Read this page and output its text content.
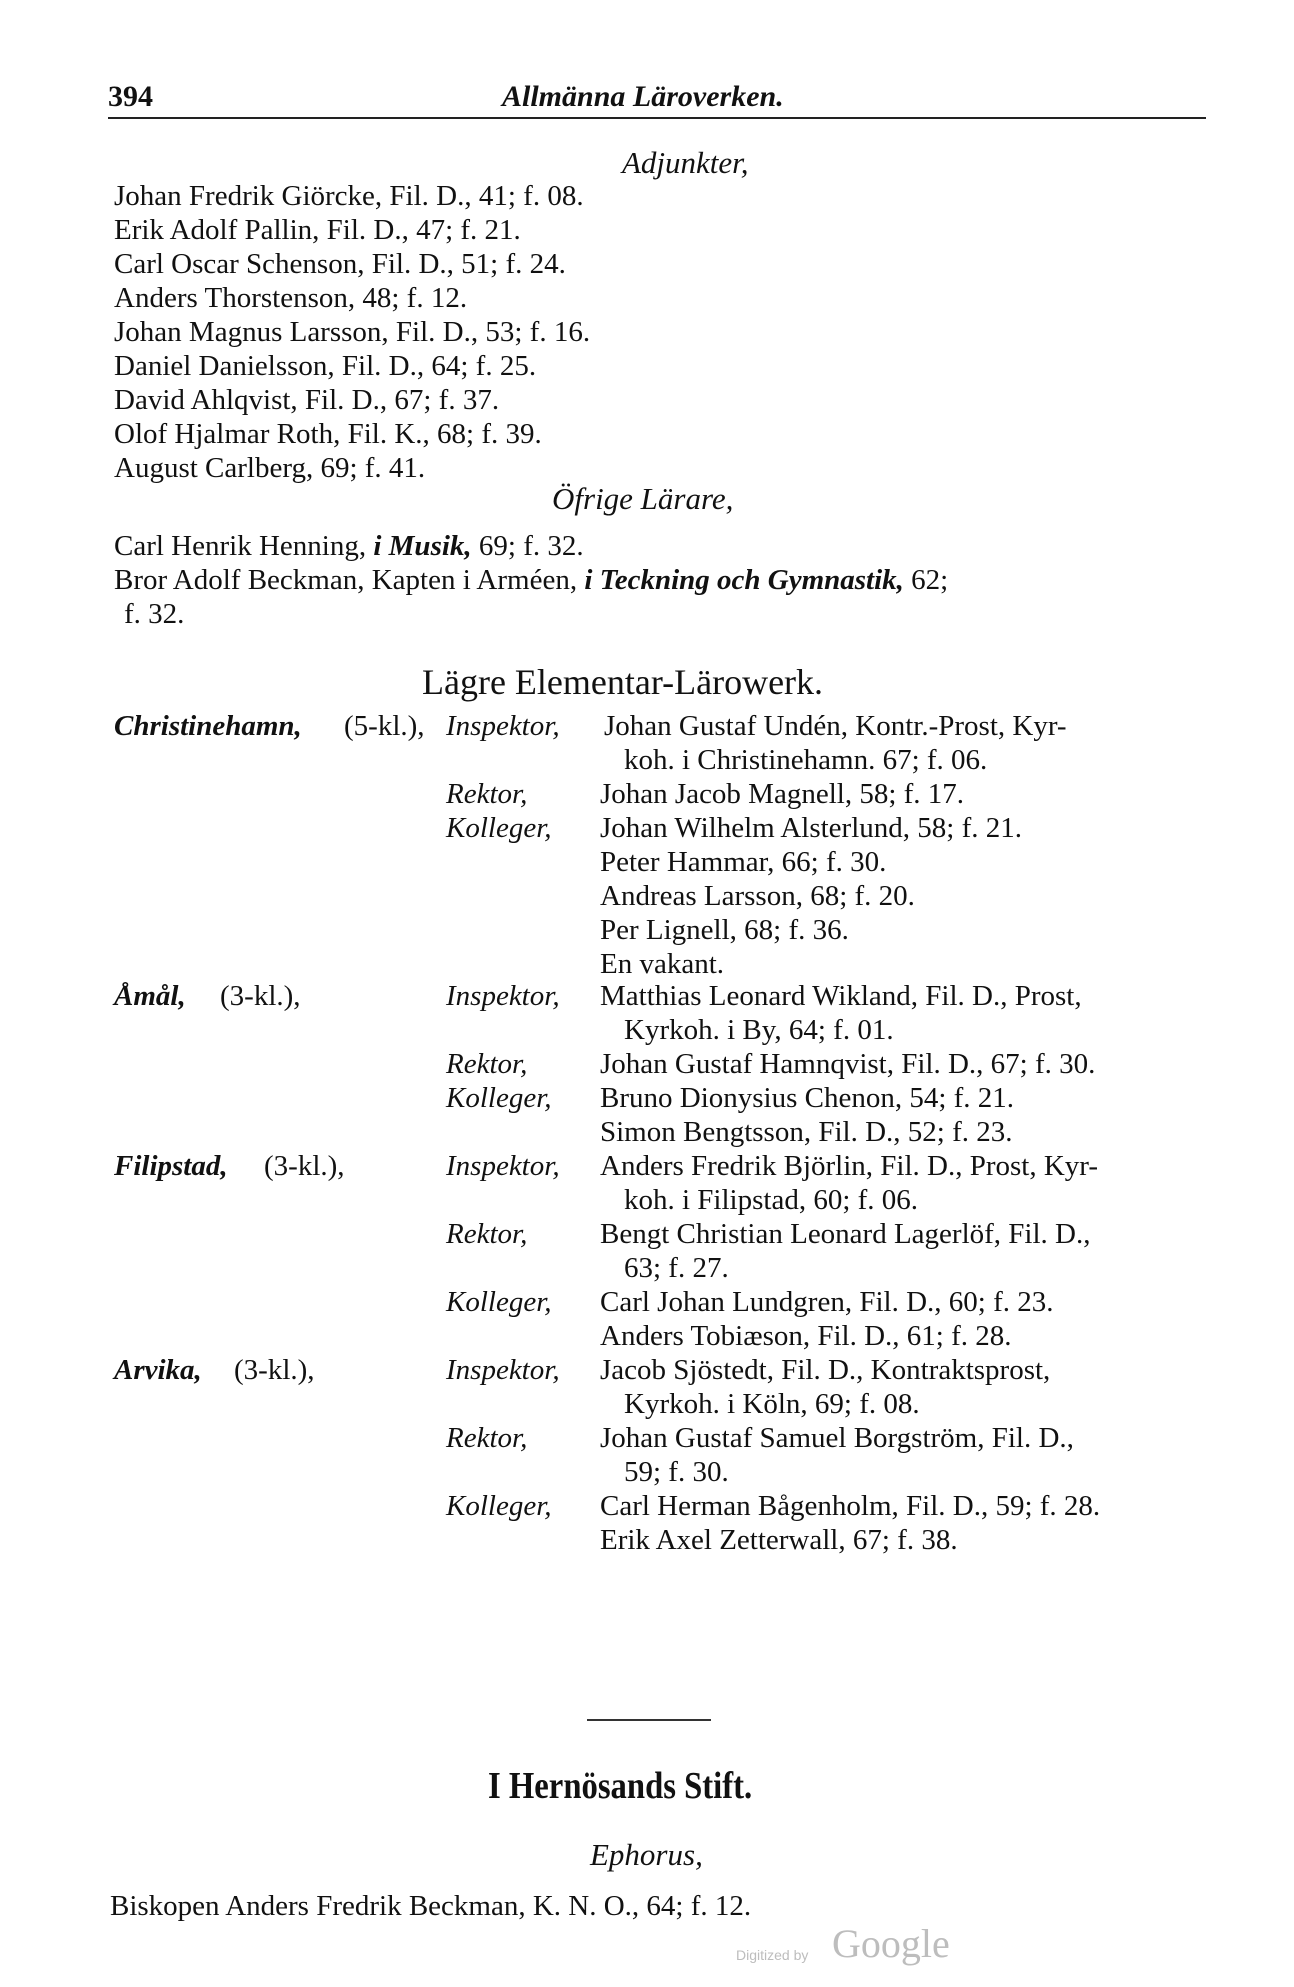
394	Allmänna Läroverken.
Adjunkter,
Johan Fredrik Giörcke, Fil. D., 41; f. 08.
Erik Adolf Pallin, Fil. D., 47; f. 21.
Carl Oscar Schenson, Fil. D., 51; f. 24.
Anders Thorstenson, 48; f. 12.
Johan Magnus Larsson, Fil. D., 53; f. 16.
Daniel Danielsson, Fil. D., 64; f. 25.
David Ahlqvist, Fil. D., 67; f. 37.
Olof Hjalmar Roth, Fil. K., 68; f. 39.
August Carlberg, 69; f. 41.
Öfrige Lärare,
Carl Henrik Henning, i Musik, 69; f. 32.
Bror Adolf Beckman, Kapten i Arméen, i Teckning och Gymnastik, 62;
f. 32.
Lägre Elementar-Lärowerk.
Christinehamn, (5-kl.), Inspektor, Johan Gustaf Undén, Kontr.-Prost, Kyr-
koh. i Christinehamn. 67; f. 06.
Rektor,	Johan Jacob Magnell, 58; f. 17.
Kolleger, Johan Wilhelm Alsterlund, 58; f. 21.
Peter Hammar, 66; f. 30.
Andreas Larsson, 68; f. 20.
Per Lignell, 68; f. 36.
En vakant.
Åmål, (3-kl.),	Inspektor, Matthias Leonard Wikland, Fil. D., Prost,
Kyrkoh. i By, 64; f. 01.
Rektor,	Johan Gustaf Hamnqvist, Fil. D., 67; f. 30.
Kolleger, Bruno Dionysius Chenon, 54; f. 21.
Simon Bengtsson, Fil. D., 52; f. 23.
Filipstad, (3-kl.),	Inspektor, Anders Fredrik Björlin, Fil. D., Prost, Kyr-
koh. i Filipstad, 60; f. 06.
Rektor,	Bengt Christian Leonard Lagerlöf, Fil. D.,
63; f. 27.
Kolleger, Carl Johan Lundgren, Fil. D., 60; f. 23.
Anders Tobiæson, Fil. D., 61; f. 28.
Arvika, (3-kl.),	Inspektor, Jacob Sjöstedt, Fil. D., Kontraktsprost,
Kyrkoh. i Köln, 69; f. 08.
Rektor,	Johan Gustaf Samuel Borgström, Fil. D.,
59; f. 30.
Kolleger, Carl Herman Bågenholm, Fil. D., 59; f. 28.
Erik Axel Zetterwall, 67; f. 38.
I Hernösands Stift.
Ephorus,
Biskopen Anders Fredrik Beckman, K. N. O., 64; f. 12.
Digitized by Google
